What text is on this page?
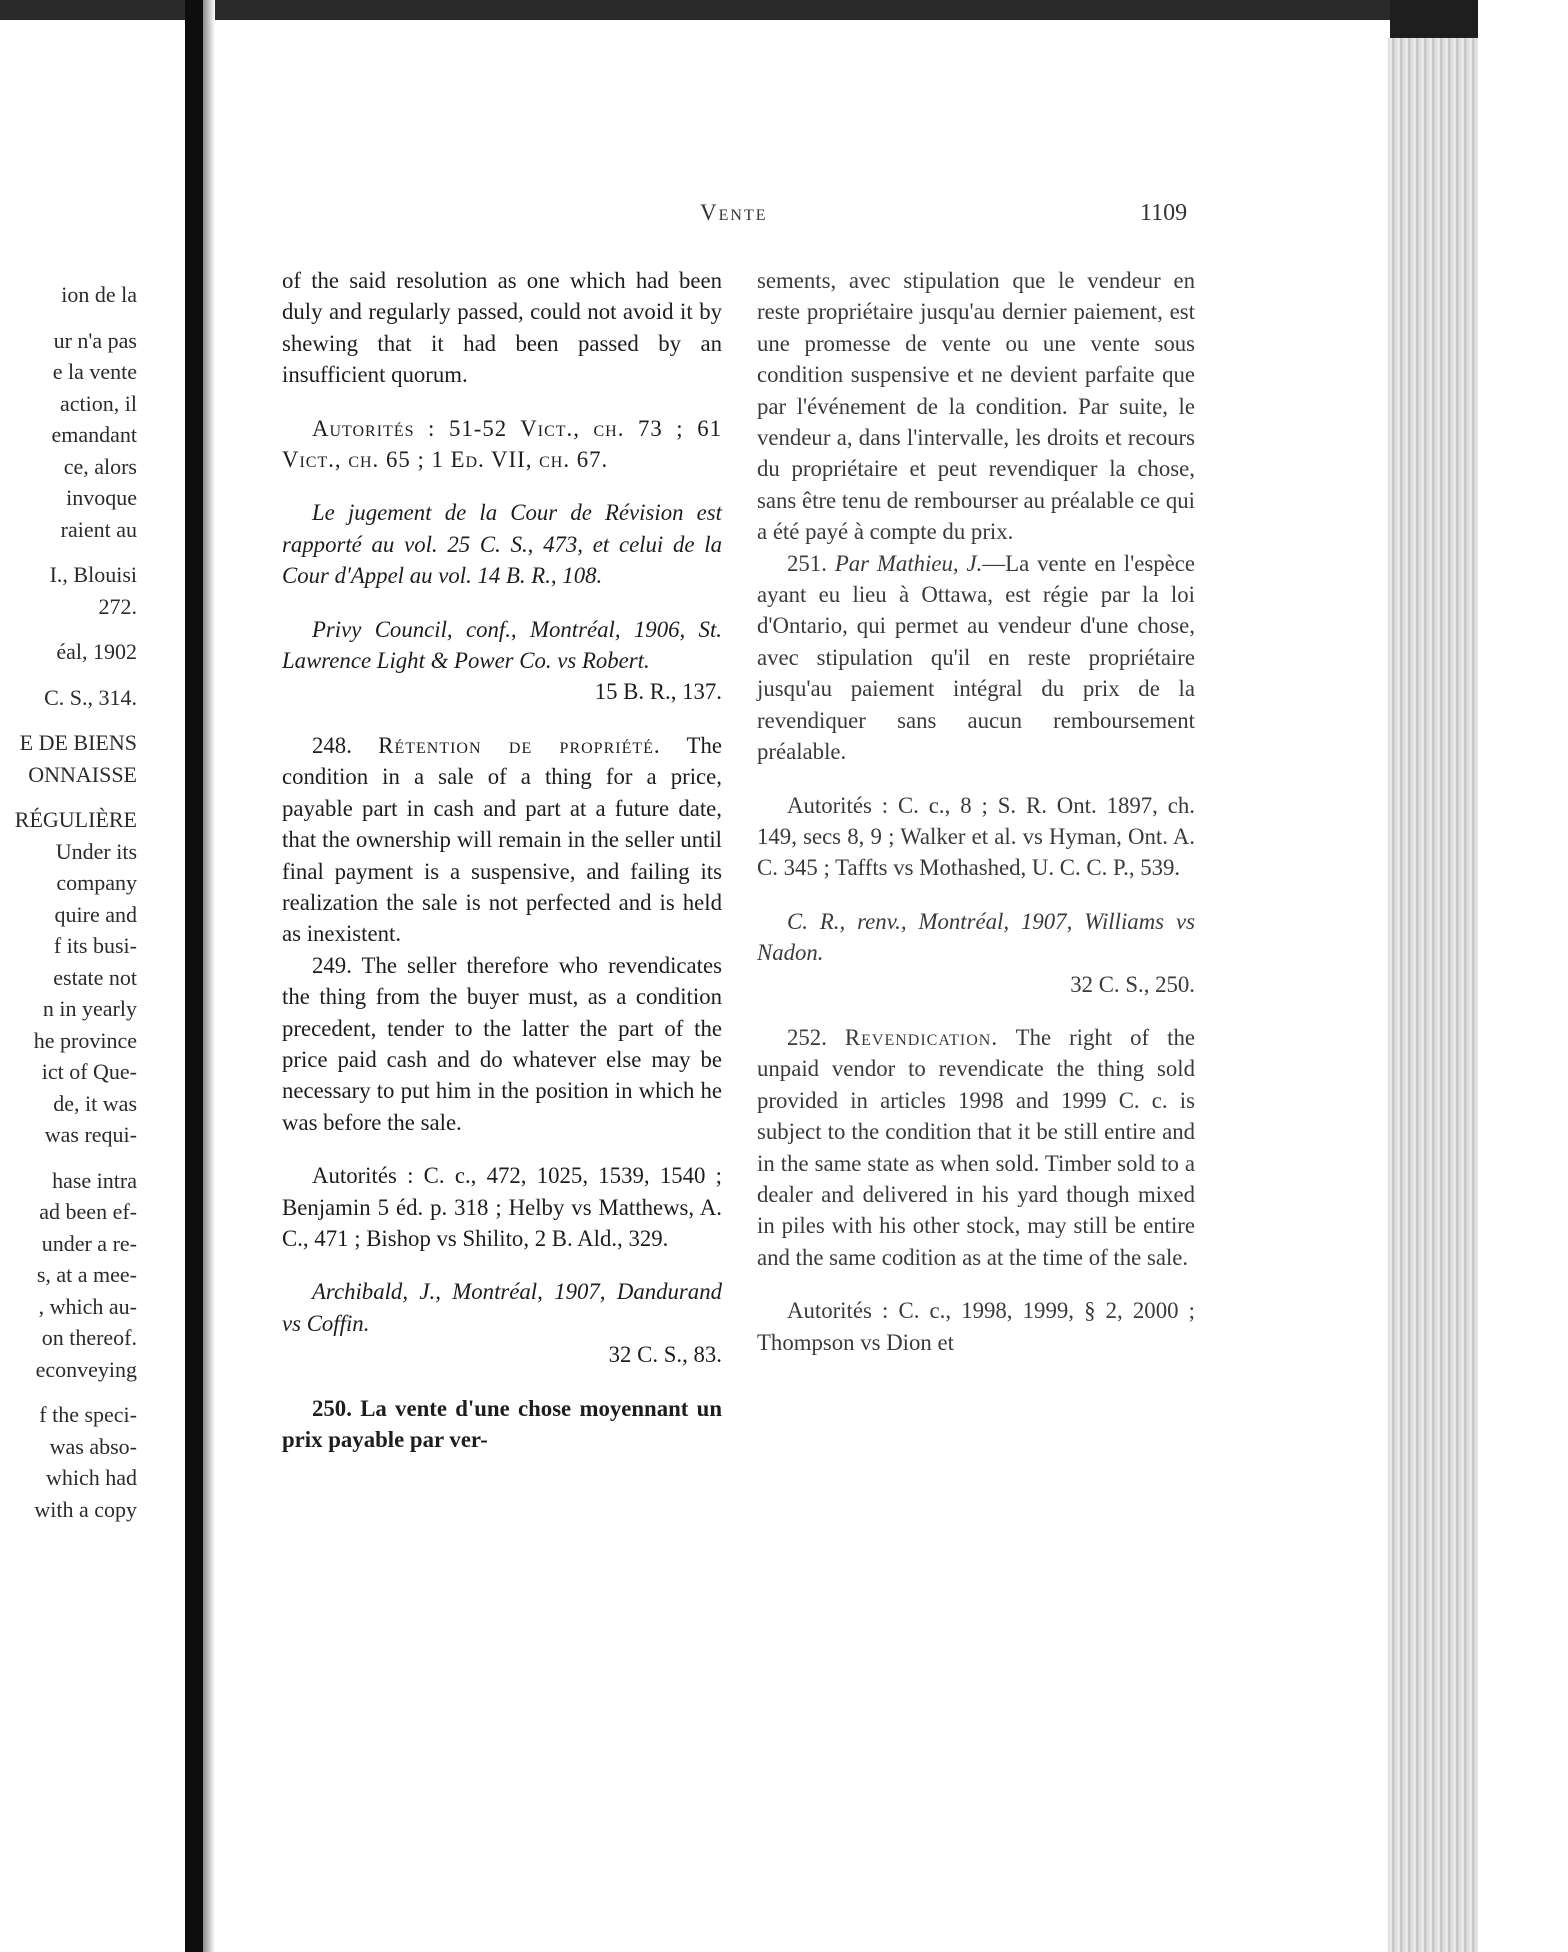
ion de la
ur n'a pas
e la vente
action, il
emandant
ce, alors
invoque
raient au
I., Blouisi
272.
éal, 1902
C. S., 314.
E DE BIENS
ONNAISSE
RÉGULIÈRE
Under its
company
quire and
f its busi-
estate not
n in yearly
he province
ict of Que-
de, it was
was requi-
hase intra
ad been ef-
under a re-
s, at a mee-
, which au-
on thereof.
econveying
f the speci-
was abso-
which had
with a copy
Vente	1109

of the said resolution as one which had been duly and regularly passed, could not avoid it by shewing that it had been passed by an insufficient quorum.

Autorités : 51-52 Vict., ch. 73 ; 61 Vict., ch. 65 ; 1 Ed. VII, ch. 67.

Le jugement de la Cour de Révision est rapporté au vol. 25 C. S., 473, et celui de la Cour d'Appel au vol. 14 B. R., 108.

Privy Council, conf., Montréal, 1906, St. Lawrence Light & Power Co. vs Robert.

15 B. R., 137.

248. Rétention de propriété. The condition in a sale of a thing for a price, payable part in cash and part at a future date, that the ownership will remain in the seller until final payment is a suspensive, and failing its realization the sale is not perfected and is held as inexistent.

249. The seller therefore who revendicates the thing from the buyer must, as a condition precedent, tender to the latter the part of the price paid cash and do whatever else may be necessary to put him in the position in which he was before the sale.

Autorités : C. c., 472, 1025, 1539, 1540 ; Benjamin 5 éd. p. 318 ; Helby vs Matthews, A. C., 471 ; Bishop vs Shilito, 2 B. Ald., 329.

Archibald, J., Montréal, 1907, Dandurand vs Coffin.

32 C. S., 83.

250. La vente d'une chose moyennant un prix payable par ver-

sements, avec stipulation que le vendeur en reste propriétaire jusqu'au dernier paiement, est une promesse de vente ou une vente sous condition suspensive et ne devient parfaite que par l'événement de la condition. Par suite, le vendeur a, dans l'intervalle, les droits et recours du propriétaire et peut revendiquer la chose, sans être tenu de rembourser au préalable ce qui a été payé à compte du prix.

251. Par Mathieu, J.—La vente en l'espèce ayant eu lieu à Ottawa, est régie par la loi d'Ontario, qui permet au vendeur d'une chose, avec stipulation qu'il en reste propriétaire jusqu'au paiement intégral du prix de la revendiquer sans aucun remboursement préalable.

Autorités : C. c., 8 ; S. R. Ont. 1897, ch. 149, secs 8, 9 ; Walker et al. vs Hyman, Ont. A. C. 345 ; Taffts vs Mothashed, U. C. C. P., 539.

C. R., renv., Montréal, 1907, Williams vs Nadon.

32 C. S., 250.

252. Revendication. The right of the unpaid vendor to revendicate the thing sold provided in articles 1998 and 1999 C. c. is subject to the condition that it be still entire and in the same state as when sold. Timber sold to a dealer and delivered in his yard though mixed in piles with his other stock, may still be entire and the same codition as at the time of the sale.

Autorités : C. c., 1998, 1999, § 2, 2000 ; Thompson vs Dion et
